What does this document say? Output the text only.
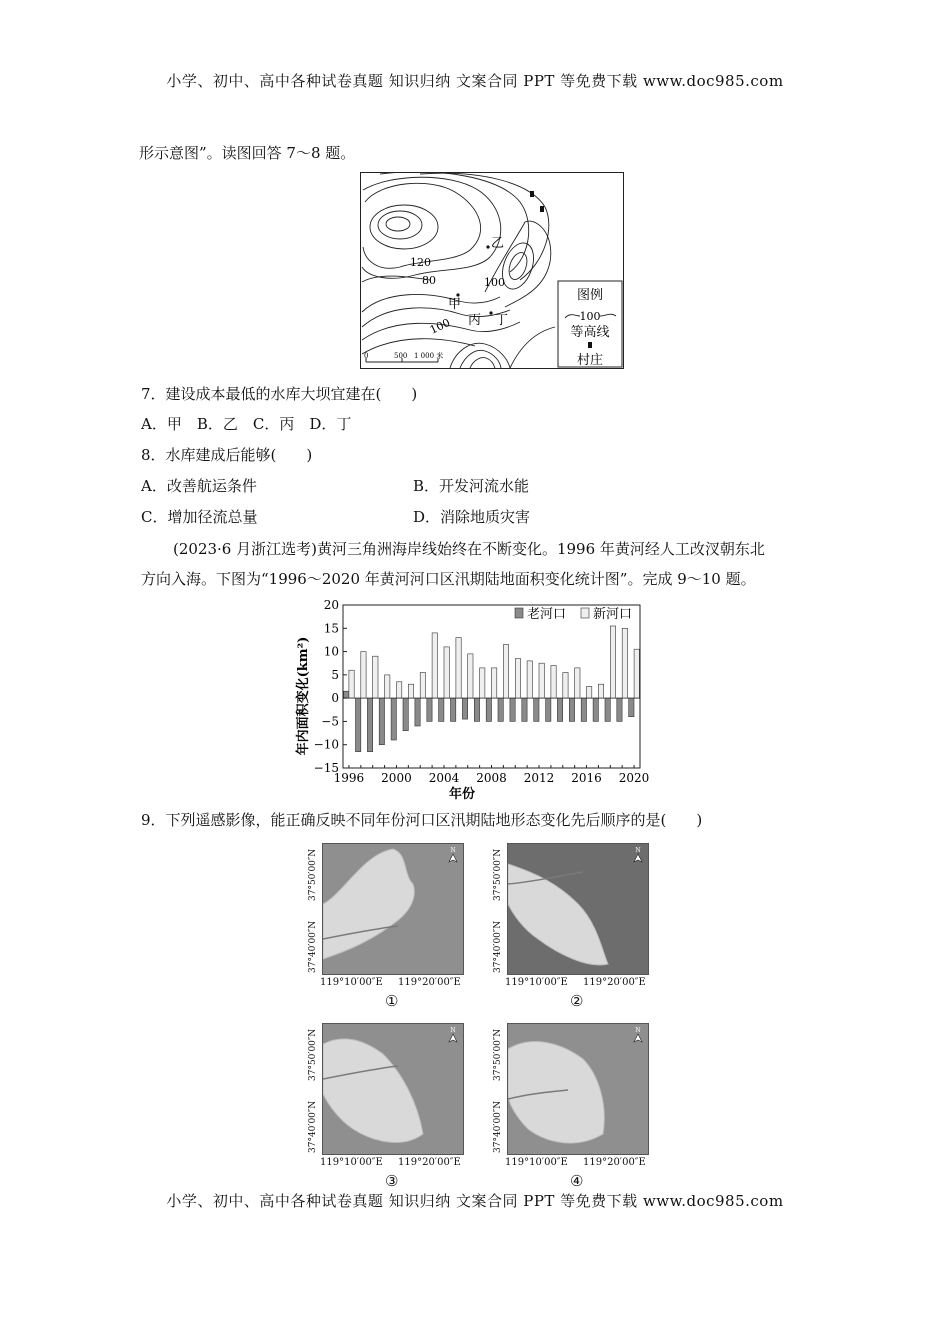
小学、初中、高中各种试卷真题 知识归纳 文案合同 PPT 等免费下载 www.doc985.com
形示意图”。读图回答 7～8 题。
乙
甲
丙 丁
120
80	100
100
图例
100
等高线
村庄
0	500 1 000 米
7．建设成本最低的水库大坝宜建在(　　)
A．甲　B．乙　C．丙　D．丁
8．水库建成后能够(　　)
A．改善航运条件	B．开发河流水能
C．增加径流总量	D．消除地质灾害
(2023·6 月浙江选考)黄河三角洲海岸线始终在不断变化。1996 年黄河经人工改汊朝东北
方向入海。下图为“1996～2020 年黄河河口区汛期陆地面积变化统计图”。完成 9～10 题。
年内面积变化(km²)
年份
20
15
10
5
0
−5
−10
−15
1996 2000 2004 2008 2012 2016 2020
老河口 新河口
9．下列遥感影像，能正确反映不同年份河口区汛期陆地形态变化先后顺序的是(　　)
N
37°50′00″N
37°40′00″N
119°10′00″E 119°20′00″E
①
N
37°50′00″N
37°40′00″N
119°10′00″E 119°20′00″E
②
N
37°50′00″N
37°40′00″N
119°10′00″E 119°20′00″E
③
N
37°50′00″N
37°40′00″N
119°10′00″E 119°20′00″E
④
小学、初中、高中各种试卷真题 知识归纳 文案合同 PPT 等免费下载 www.doc985.com
